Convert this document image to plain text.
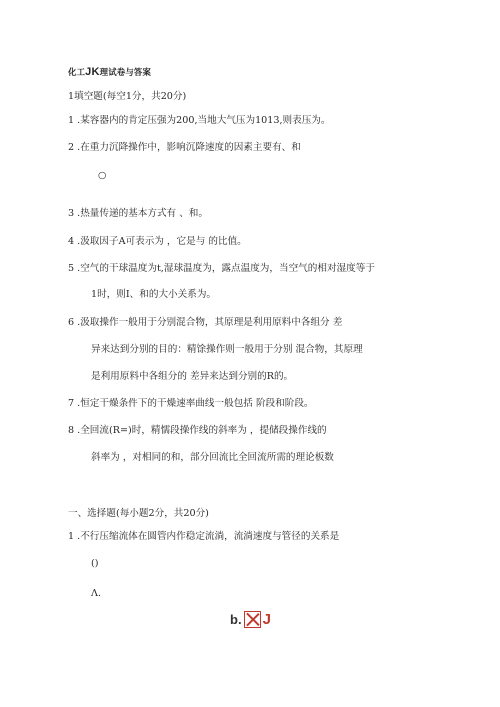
化工JK理试卷与答案
1填空题(每空1分，共20分)
1 .某容器内的肯定压强为200,当地大气压为1013,则表压为。
2 .在重力沉降操作中，影响沉降速度的因素主要有、和
○
3 .热量传递的基本方式有 、和。
4 .汲取因子A可表示为 ，它是与 的比值。
5 .空气的干球温度为t,湿球温度为，露点温度为，当空气的相对湿度等于
1时，则I、和的大小关系为。
6 .汲取操作一般用于分别混合物，其原理是利用原料中各组分 差
异来达到分别的目的：精馀操作则一般用于分别 混合物，其原理
是利用原料中各组分的 差异来达到分别的R的。
7 .恒定干燥条件下的干燥速率曲线一般包括 阶段和阶段。
8 .全回流(R=)时，精懦段操作线的斜率为 ，提储段操作线的
斜率为 ，对相同的和，部分回流比全回流所需的理论板数
一、选择题(每小题2分，共20分)
1 .不行压缩流体在圆管内作稳定流淌，流淌速度与管径的关系是
()
Λ.
b. ☒ J
